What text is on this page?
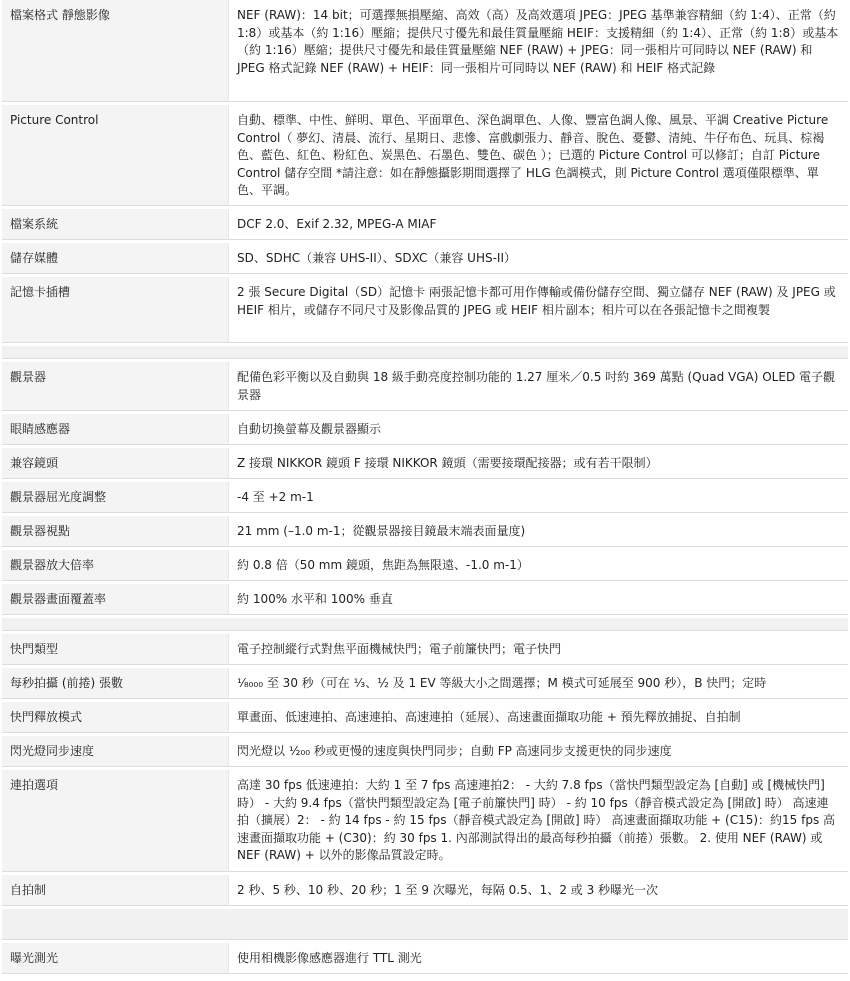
檔案格式 靜態影像	NEF (RAW)：14 bit；可選擇無損壓縮、高效（高）及高效選項 JPEG：JPEG 基準兼容精細（約 1:4）、正常（約 1:8）或基本（約 1:16）壓縮；提供尺寸優先和最佳質量壓縮 HEIF：支援精細（約 1:4）、正常（約 1:8）或基本（約 1:16）壓縮；提供尺寸優先和最佳質量壓縮 NEF (RAW) + JPEG：同一張相片可同時以 NEF (RAW) 和 JPEG 格式記錄 NEF (RAW) + HEIF：同一張相片可同時以 NEF (RAW) 和 HEIF 格式記錄
Picture Control	自動、標準、中性、鮮明、單色、平面單色、深色調單色、人像、豐富色調人像、風景、平調 Creative Picture Control（ 夢幻、清晨、流行、星期日、悲慘、富戲劇張力、靜音、脫色、憂鬱、清純、牛仔布色、玩具、棕褐色、藍色、紅色、粉紅色、炭黑色、石墨色、雙色、碳色 ）；已選的 Picture Control 可以修訂；自訂 Picture Control 儲存空間 *請注意：如在靜態攝影期間選擇了 HLG 色調模式，則 Picture Control 選項僅限標準、單色、平調。
檔案系統	DCF 2.0、Exif 2.32, MPEG-A MIAF
儲存媒體	SD、SDHC（兼容 UHS-II）、SDXC（兼容 UHS-II）
記憶卡插槽	2 張 Secure Digital（SD）記憶卡 兩張記憶卡都可用作傳輸或備份儲存空間、獨立儲存 NEF (RAW) 及 JPEG 或 HEIF 相片，或儲存不同尺寸及影像品質的 JPEG 或 HEIF 相片副本；相片可以在各張記憶卡之間複製

觀景器	配備色彩平衡以及自動與 18 級手動亮度控制功能的 1.27 厘米／0.5 吋約 369 萬點 (Quad VGA) OLED 電子觀景器
眼睛感應器	自動切換螢幕及觀景器顯示
兼容鏡頭	Z 接環 NIKKOR 鏡頭 F 接環 NIKKOR 鏡頭（需要接環配接器；或有若干限制）
觀景器屈光度調整	-4 至 +2 m-1
觀景器視點	21 mm (–1.0 m-1；從觀景器接目鏡最末端表面量度)
觀景器放大倍率	約 0.8 倍（50 mm 鏡頭，焦距為無限遠、-1.0 m-1）
觀景器畫面覆蓋率	約 100% 水平和 100% 垂直

快門類型	電子控制縱行式對焦平面機械快門；電子前簾快門；電子快門
每秒拍攝 (前捲) 張數	¹⁄₈₀₀₀ 至 30 秒（可在 ¹⁄₃、½ 及 1 EV 等級大小之間選擇；M 模式可延展至 900 秒），B 快門；定時
快門釋放模式	單畫面、低速連拍、高速連拍、高速連拍（延展）、高速畫面擷取功能 + 預先釋放捕捉、自拍制
閃光燈同步速度	閃光燈以 ¹⁄₂₀₀ 秒或更慢的速度與快門同步；自動 FP 高速同步支援更快的同步速度
連拍選項	高達 30 fps 低速連拍：大約 1 至 7 fps 高速連拍2： - 大約 7.8 fps（當快門類型設定為 [自動] 或 [機械快門] 時） - 大約 9.4 fps（當快門類型設定為 [電子前簾快門] 時） - 約 10 fps（靜音模式設定為 [開啟] 時） 高速連拍（擴展）2： - 約 14 fps - 約 15 fps（靜音模式設定為 [開啟] 時） 高速畫面擷取功能 + (C15)：約15 fps 高速畫面擷取功能 + (C30)：約 30 fps 1. 內部測試得出的最高每秒拍攝（前捲）張數。 2. 使用 NEF (RAW) 或 NEF (RAW) + 以外的影像品質設定時。
自拍制	2 秒、5 秒、10 秒、20 秒；1 至 9 次曝光，每隔 0.5、1、2 或 3 秒曝光一次

曝光測光	使用相機影像感應器進行 TTL 測光
